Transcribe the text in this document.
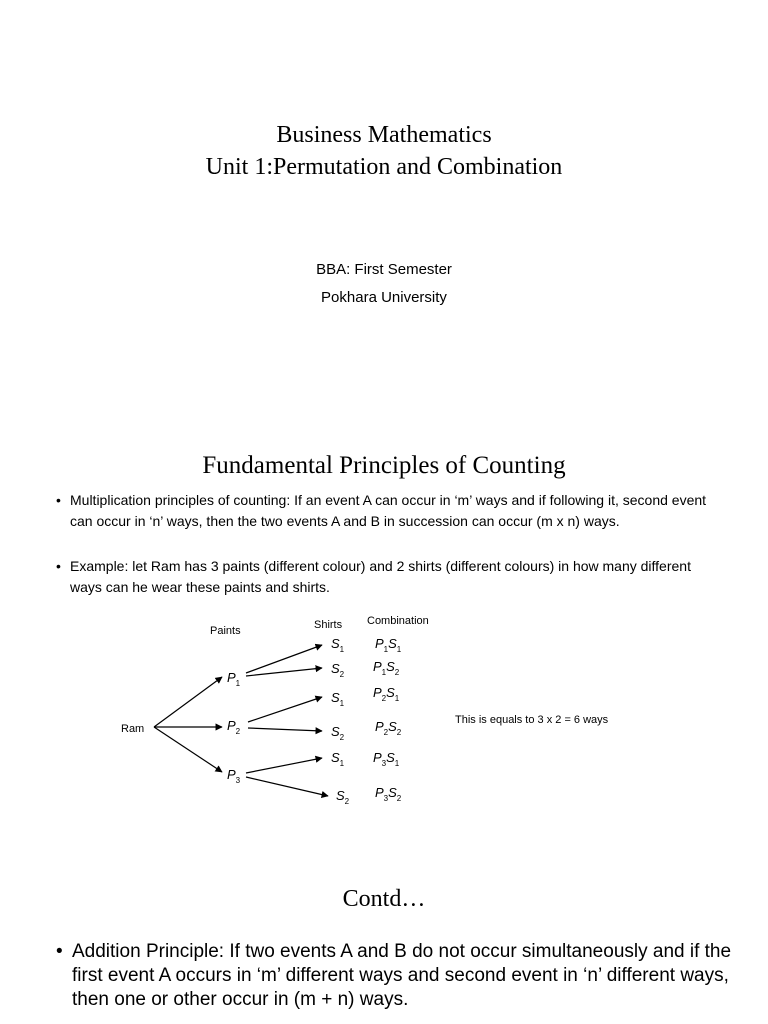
Business Mathematics
Unit 1:Permutation and Combination
BBA: First Semester
Pokhara University
Fundamental Principles of Counting
• Multiplication principles of counting: If an event A can occur in ‘m’ ways and if following it, second event can occur in ‘n’ ways, then the two events A and B in succession can occur (m x n) ways.
• Example: let Ram has 3 paints (different colour) and 2 shirts (different colours) in how many different ways can he wear these paints and shirts.
Paints	Shirts Combination
Ram
$P_1$
$P_2$
$P_3$
$S_1$
$S_2$
$S_1$
$S_2$
$S_1$
$S_2$
$P_1S_1$
$P_1S_2$
$P_2S_1$
$P_2S_2$
$P_3S_1$
$P_3S_2$
This is equals to 3 x 2 = 6 ways
Contd…
• Addition Principle: If two events A and B do not occur simultaneously and if the first event A occurs in ‘m’ different ways and second event in ‘n’ different ways, then one or other occur in (m + n) ways.
